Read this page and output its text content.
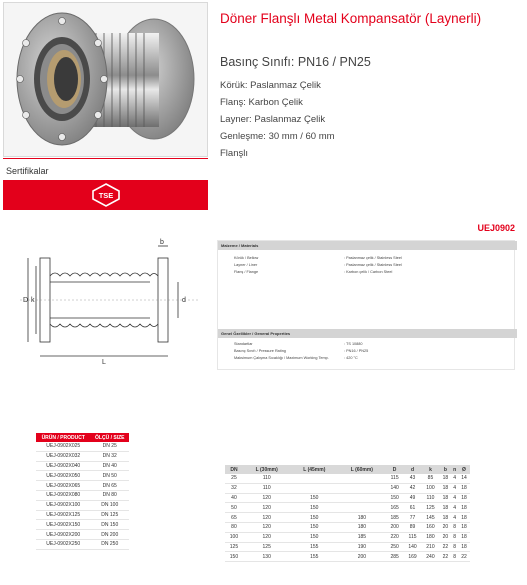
Sertifikalar
TSE
Döner Flanşlı Metal Kompansatör (Laynerli)
Basınç Sınıfı: PN16 / PN25
Körük: Paslanmaz Çelik
Flanş: Karbon Çelik
Layner: Paslanmaz Çelik
Genleşme: 30 mm / 60 mm
Flanşlı
UEJ0902
D k	d
L
b	Malzeme / Materials
Körük / Bellow	: Paslanmaz çelik / Stainless Steel
Layner / Liner	: Paslanmaz çelik / Stainless Steel
Flanş / Flange	: Karbon çelik / Carbon Steel
Genel Özellikler / General Properties
Standartlar	: TS 10880
Basınç Sınıfı / Pressure Rating	: PN16 / PN25
Maksimum Çalışma Sıcaklığı / Maximum Working Temp.	: 420 °C
ÜRÜN / PRODUCT	ÖLÇÜ / SIZE
UEJ-0902X025	DN 25
UEJ-0902X032	DN 32
UEJ-0902X040	DN 40
UEJ-0902X050	DN 50
UEJ-0902X065	DN 65
UEJ-0902X080	DN 80
UEJ-0902X100	DN 100
UEJ-0902X125	DN 125
UEJ-0902X150	DN 150
UEJ-0902X200	DN 200
UEJ-0902X250	DN 250
DN	L (30mm)	L (45mm)	L (60mm)	D	d	k	b	n	Ø
25	110			115	43	85	18	4	14
32	110			140	42	100	18	4	18
40	120	150		150	49	110	18	4	18
50	120	150		165	61	125	18	4	18
65	120	150	180	185	77	145	18	4	18
80	120	150	180	200	89	160	20	8	18
100	120	150	185	220	115	180	20	8	18
125	125	155	190	250	140	210	22	8	18
150	130	155	200	285	169	240	22	8	22
